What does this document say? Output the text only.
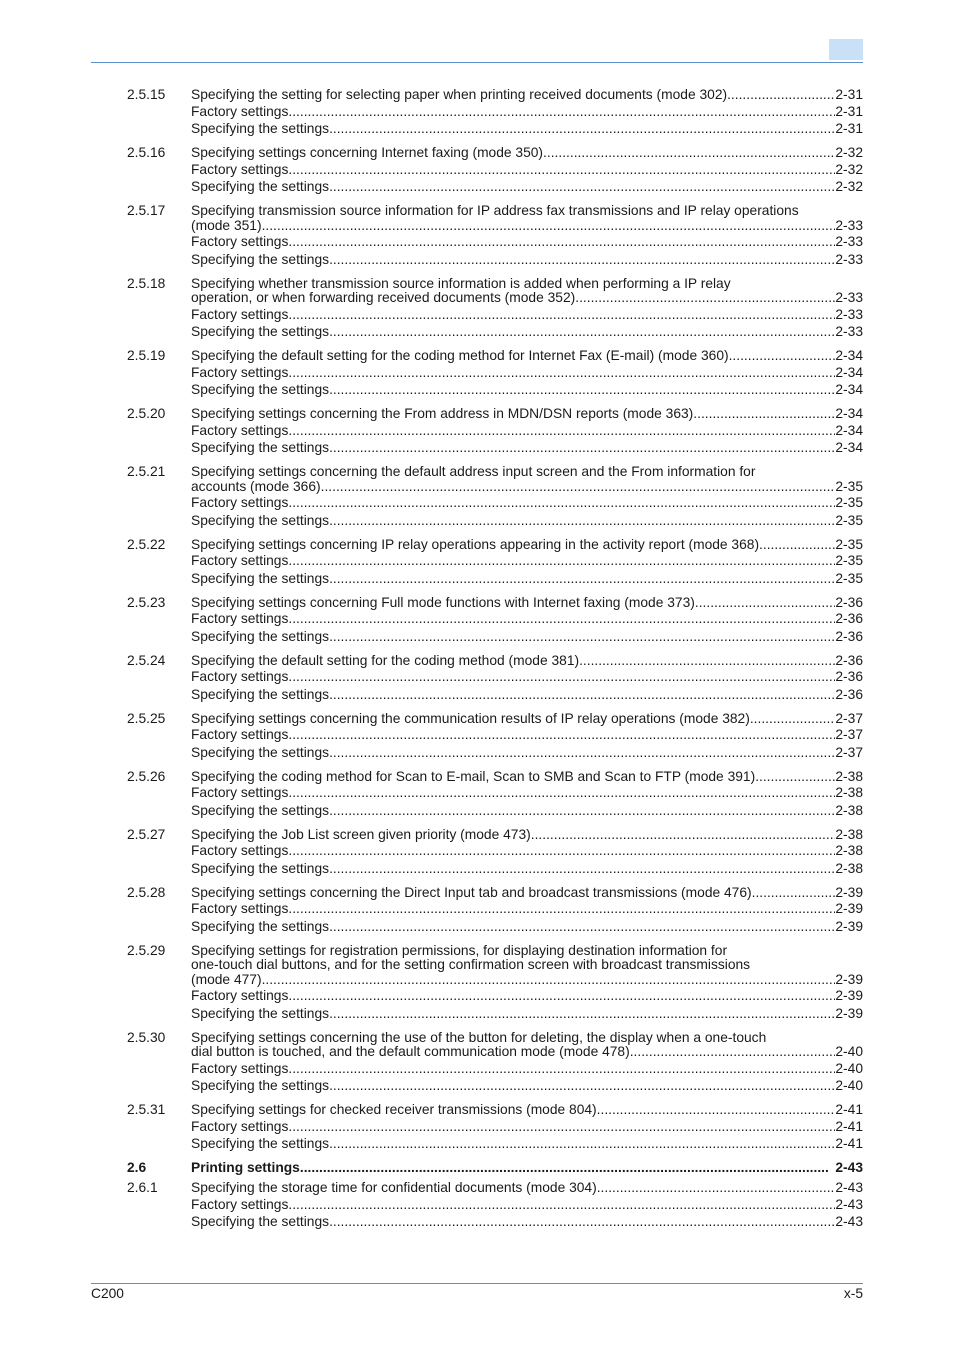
2.5.15 Specifying the setting for selecting paper when printing received documents (mode 302) .....	2-31
Factory settings .....	2-31
Specifying the settings .....	2-31
2.5.16 Specifying settings concerning Internet faxing (mode 350) .....	2-32
Factory settings .....	2-32
Specifying the settings .....	2-32
2.5.17 Specifying transmission source information for IP address fax transmissions and IP relay operations
(mode 351) .....	2-33
Factory settings .....	2-33
Specifying the settings .....	2-33
2.5.18 Specifying whether transmission source information is added when performing a IP relay
operation, or when forwarding received documents (mode 352) .....	2-33
Factory settings .....	2-33
Specifying the settings .....	2-33
2.5.19 Specifying the default setting for the coding method for Internet Fax (E-mail) (mode 360) .....	2-34
Factory settings .....	2-34
Specifying the settings .....	2-34
2.5.20 Specifying settings concerning the From address in MDN/DSN reports (mode 363) .....	2-34
Factory settings .....	2-34
Specifying the settings .....	2-34
2.5.21 Specifying settings concerning the default address input screen and the From information for
accounts (mode 366) .....	2-35
Factory settings .....	2-35
Specifying the settings .....	2-35
2.5.22 Specifying settings concerning IP relay operations appearing in the activity report (mode 368) .....	2-35
Factory settings .....	2-35
Specifying the settings .....	2-35
2.5.23 Specifying settings concerning Full mode functions with Internet faxing (mode 373) .....	2-36
Factory settings .....	2-36
Specifying the settings .....	2-36
2.5.24 Specifying the default setting for the coding method (mode 381) .....	2-36
Factory settings .....	2-36
Specifying the settings .....	2-36
2.5.25 Specifying settings concerning the communication results of IP relay operations (mode 382) .....	2-37
Factory settings .....	2-37
Specifying the settings .....	2-37
2.5.26 Specifying the coding method for Scan to E-mail, Scan to SMB and Scan to FTP (mode 391) .....	2-38
Factory settings .....	2-38
Specifying the settings .....	2-38
2.5.27 Specifying the Job List screen given priority (mode 473) .....	2-38
Factory settings .....	2-38
Specifying the settings .....	2-38
2.5.28 Specifying settings concerning the Direct Input tab and broadcast transmissions (mode 476) .....	2-39
Factory settings .....	2-39
Specifying the settings .....	2-39
2.5.29 Specifying settings for registration permissions, for displaying destination information for
one-touch dial buttons, and for the setting confirmation screen with broadcast transmissions
(mode 477) .....	2-39
Factory settings .....	2-39
Specifying the settings .....	2-39
2.5.30 Specifying settings concerning the use of the button for deleting, the display when a one-touch
dial button is touched, and the default communication mode (mode 478) .....	2-40
Factory settings .....	2-40
Specifying the settings .....	2-40
2.5.31 Specifying settings for checked receiver transmissions (mode 804) .....	2-41
Factory settings .....	2-41
Specifying the settings .....	2-41
2.6	Printing settings .....	2-43
2.6.1 Specifying the storage time for confidential documents (mode 304) .....	2-43
Factory settings .....	2-43
Specifying the settings .....	2-43
C200	x-5
